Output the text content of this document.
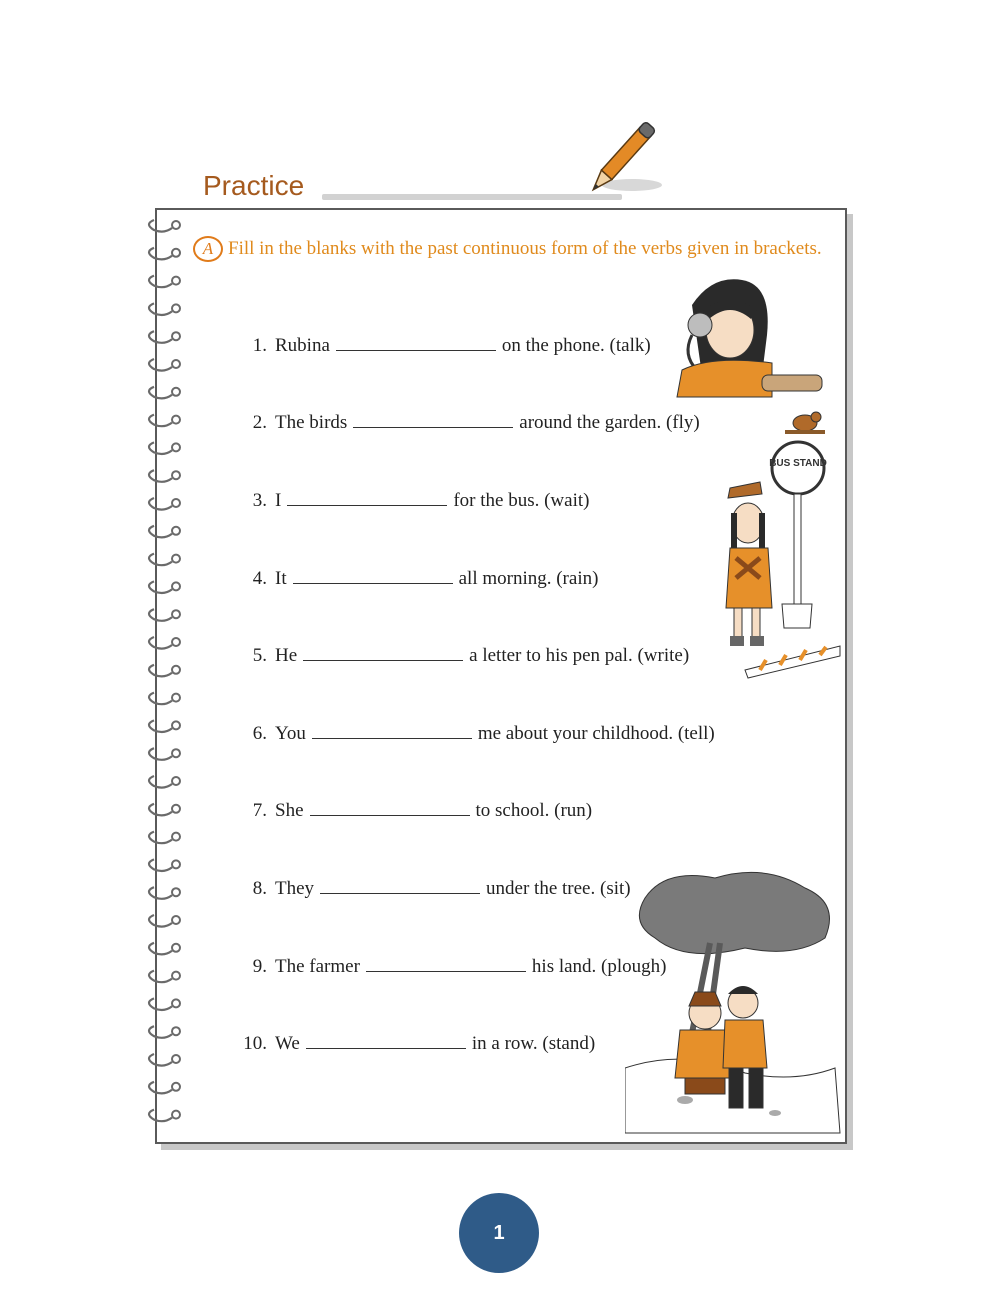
Practice
A Fill in the blanks with the past continuous form of the verbs given in brackets.
1. Rubina	on the phone. (talk)
2. The birds	around the garden. (fly)
3. I	for the bus. (wait)
4. It	all morning. (rain)
5. He	a letter to his pen pal. (write)
6. You	me about your childhood. (tell)
7. She	to school. (run)
8. They	under the tree. (sit)
9. The farmer	his land. (plough)
10. We	in a row. (stand)
BUS STAND
1
